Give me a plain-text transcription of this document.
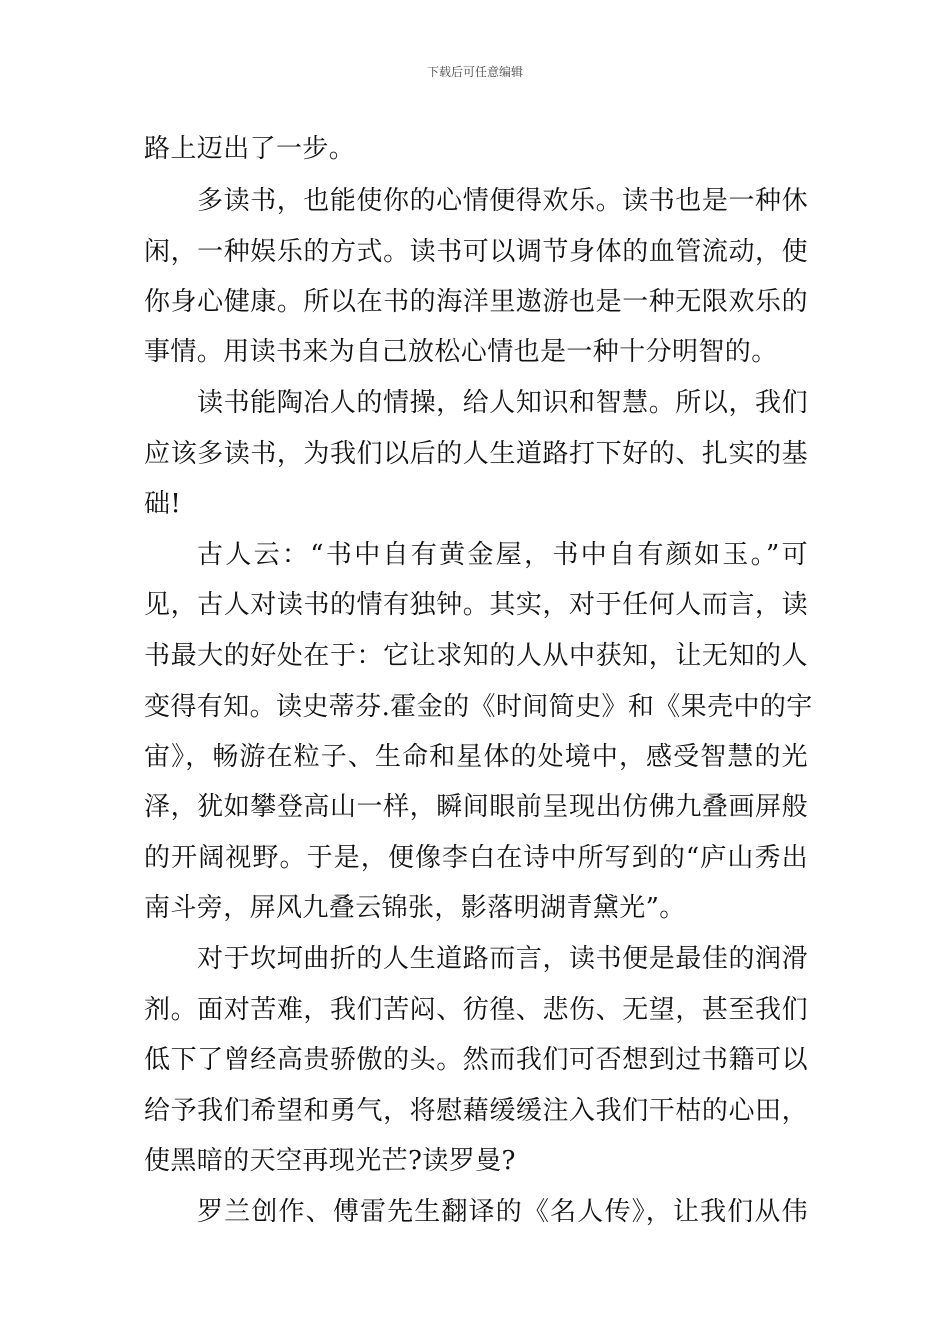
下载后可任意编辑
路上迈出了一步。
多读书，也能使你的心情便得欢乐。读书也是一种休
闲，一种娱乐的方式。读书可以调节身体的血管流动，使
你身心健康。所以在书的海洋里遨游也是一种无限欢乐的
事情。用读书来为自己放松心情也是一种十分明智的。
读书能陶冶人的情操，给人知识和智慧。所以，我们
应该多读书，为我们以后的人生道路打下好的、扎实的基
础!
古人云：“书中自有黄金屋，书中自有颜如玉。”可
见，古人对读书的情有独钟。其实，对于任何人而言，读
书最大的好处在于：它让求知的人从中获知，让无知的人
变得有知。读史蒂芬.霍金的《时间简史》和《果壳中的宇
宙》，畅游在粒子、生命和星体的处境中，感受智慧的光
泽，犹如攀登高山一样，瞬间眼前呈现出仿佛九叠画屏般
的开阔视野。于是，便像李白在诗中所写到的“庐山秀出
南斗旁，屏风九叠云锦张，影落明湖青黛光”。
对于坎坷曲折的人生道路而言，读书便是最佳的润滑
剂。面对苦难，我们苦闷、彷徨、悲伤、无望，甚至我们
低下了曾经高贵骄傲的头。然而我们可否想到过书籍可以
给予我们希望和勇气，将慰藉缓缓注入我们干枯的心田，
使黑暗的天空再现光芒?读罗曼?
罗兰创作、傅雷先生翻译的《名人传》，让我们从伟
